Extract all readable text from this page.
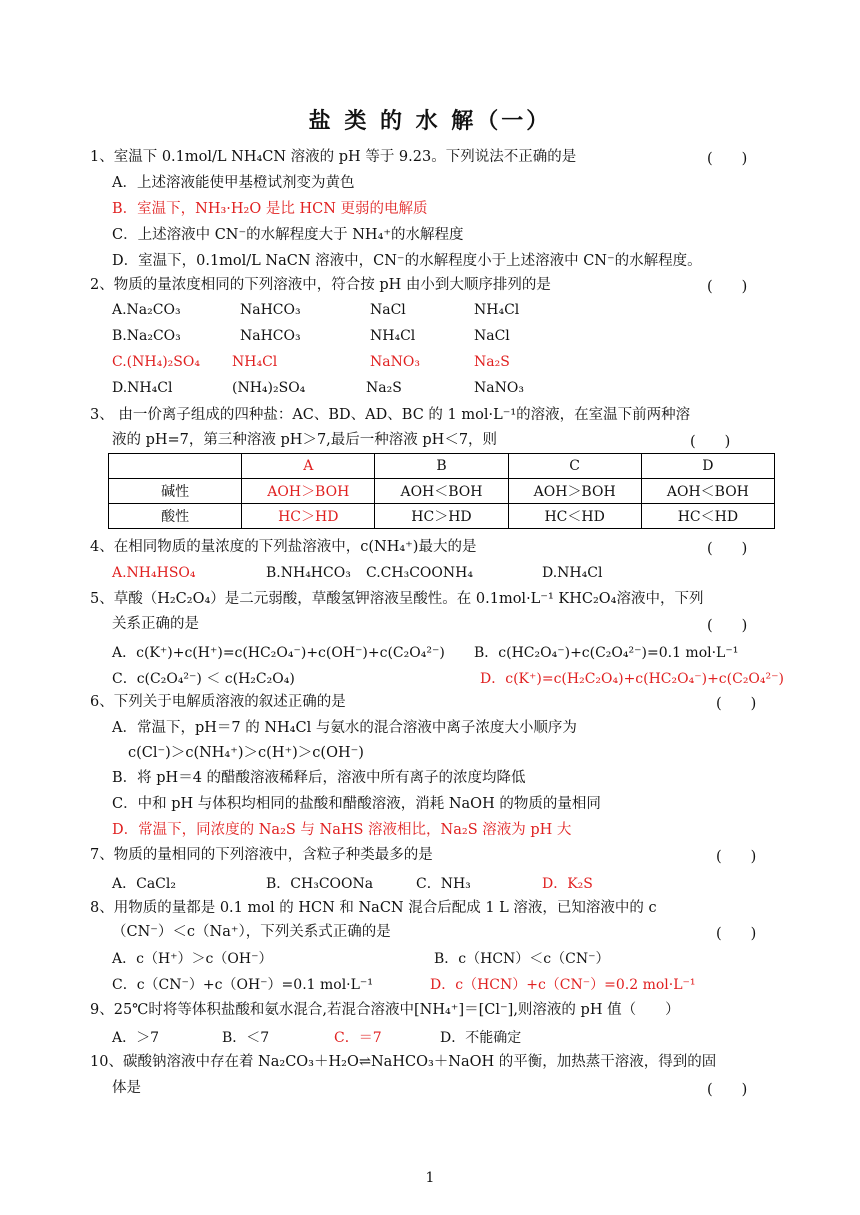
盐 类 的 水 解（一）
1、室温下 0.1mol/L NH₄CN 溶液的 pH 等于 9.23。下列说法不正确的是	(　　)
A．上述溶液能使甲基橙试剂变为黄色
B．室温下，NH₃·H₂O 是比 HCN 更弱的电解质
C．上述溶液中 CN⁻的水解程度大于 NH₄⁺的水解程度
D．室温下，0.1mol/L NaCN 溶液中，CN⁻的水解程度小于上述溶液中 CN⁻的水解程度。
2、物质的量浓度相同的下列溶液中，符合按 pH 由小到大顺序排列的是	(　　)
A.Na₂CO₃	NaHCO₃	NaCl	NH₄Cl
B.Na₂CO₃	NaHCO₃	NH₄Cl	NaCl
C.(NH₄)₂SO₄ NH₄Cl	NaNO₃	Na₂S
D.NH₄Cl	(NH₄)₂SO₄	Na₂S	NaNO₃
3、 由一价离子组成的四种盐：AC、BD、AD、BC 的 1 mol·L⁻¹的溶液，在室温下前两种溶
液的 pH=7，第三种溶液 pH＞7,最后一种溶液 pH＜7，则	(　　)
	A	B	C	D
碱性	AOH＞BOH	AOH＜BOH	AOH＞BOH	AOH＜BOH
酸性	HC＞HD	HC＞HD	HC＜HD	HC＜HD
4、在相同物质的量浓度的下列盐溶液中，c(NH₄⁺)最大的是	(　　)
A.NH₄HSO₄	B.NH₄HCO₃ C.CH₃COONH₄	D.NH₄Cl
5、草酸（H₂C₂O₄）是二元弱酸，草酸氢钾溶液呈酸性。在 0.1mol·L⁻¹ KHC₂O₄溶液中，下列
关系正确的是	(　　)
A．c(K⁺)+c(H⁺)=c(HC₂O₄⁻)+c(OH⁻)+c(C₂O₄²⁻) B．c(HC₂O₄⁻)+c(C₂O₄²⁻)=0.1 mol·L⁻¹
C．c(C₂O₄²⁻) ＜ c(H₂C₂O₄)	D．c(K⁺)=c(H₂C₂O₄)+c(HC₂O₄⁻)+c(C₂O₄²⁻)
6、下列关于电解质溶液的叙述正确的是	(　　)
A．常温下，pH＝7 的 NH₄Cl 与氨水的混合溶液中离子浓度大小顺序为
c(Cl⁻)＞c(NH₄⁺)＞c(H⁺)＞c(OH⁻)
B．将 pH＝4 的醋酸溶液稀释后，溶液中所有离子的浓度均降低
C．中和 pH 与体积均相同的盐酸和醋酸溶液，消耗 NaOH 的物质的量相同
D．常温下，同浓度的 Na₂S 与 NaHS 溶液相比，Na₂S 溶液为 pH 大
7、物质的量相同的下列溶液中，含粒子种类最多的是	(　　)
A．CaCl₂	B．CH₃COONa	C．NH₃	D．K₂S
8、用物质的量都是 0.1 mol 的 HCN 和 NaCN 混合后配成 1 L 溶液，已知溶液中的 c
（CN⁻）＜c（Na⁺），下列关系式正确的是	(　　)
A．c（H⁺）＞c（OH⁻）	B．c（HCN）＜c（CN⁻）
C．c（CN⁻）+c（OH⁻）=0.1 mol·L⁻¹	D．c（HCN）+c（CN⁻）=0.2 mol·L⁻¹
9、25℃时将等体积盐酸和氨水混合,若混合溶液中[NH₄⁺]＝[Cl⁻],则溶液的 pH 值（　　）
A．＞7	B．＜7	C．＝7	D．不能确定
10、碳酸钠溶液中存在着 Na₂CO₃＋H₂O⇌NaHCO₃＋NaOH 的平衡，加热蒸干溶液，得到的固
体是	(　　)
1
